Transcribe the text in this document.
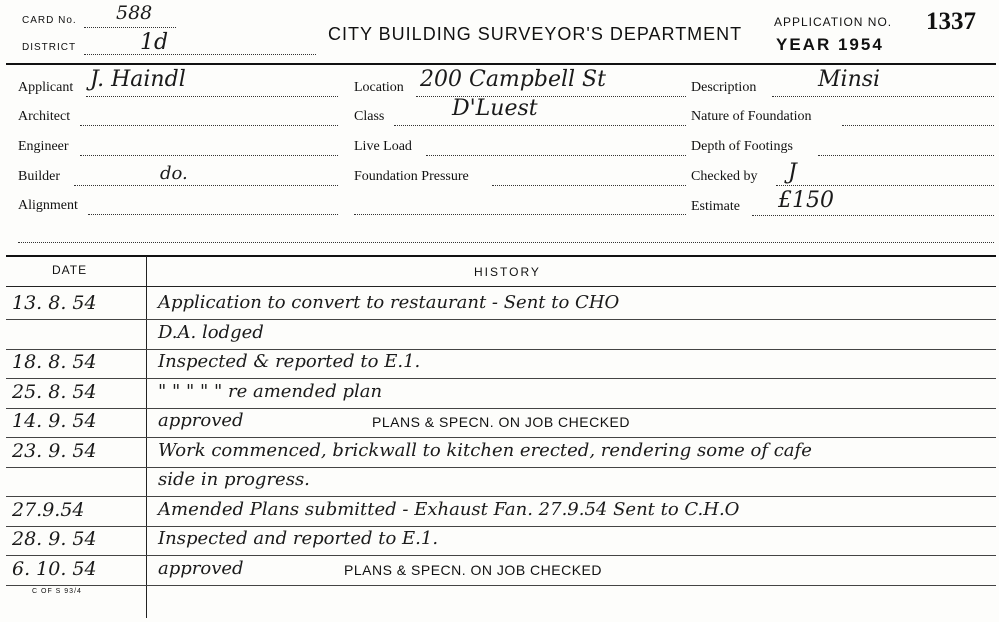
CARD No. 588
DISTRICT	1d	CITY BUILDING SURVEYOR'S DEPARTMENT
APPLICATION NO. 1337
YEAR 1954
Applicant J. Haindl
Architect
Engineer
Builder	do.
Alignment
Location 200 Campbell St
Class	D'Luest
Live Load
Foundation Pressure
Description	Minsi
Nature of Foundation
Depth of Footings
Checked by J
Estimate £150
DATE	HISTORY
13. 8. 54	Application to convert to restaurant - Sent to CHO
D.A. lodged
18. 8. 54	Inspected & reported to E.1.
25. 8. 54	" " " " " re amended plan
14. 9. 54	approved	PLANS & SPECN. ON JOB CHECKED
23. 9. 54	Work commenced, brickwall to kitchen erected, rendering some of cafe
side in progress.
27.9.54	Amended Plans submitted - Exhaust Fan. 27.9.54 Sent to C.H.O
28. 9. 54	Inspected and reported to E.1.
6. 10. 54	approved	PLANS & SPECN. ON JOB CHECKED
C OF S 93/4
